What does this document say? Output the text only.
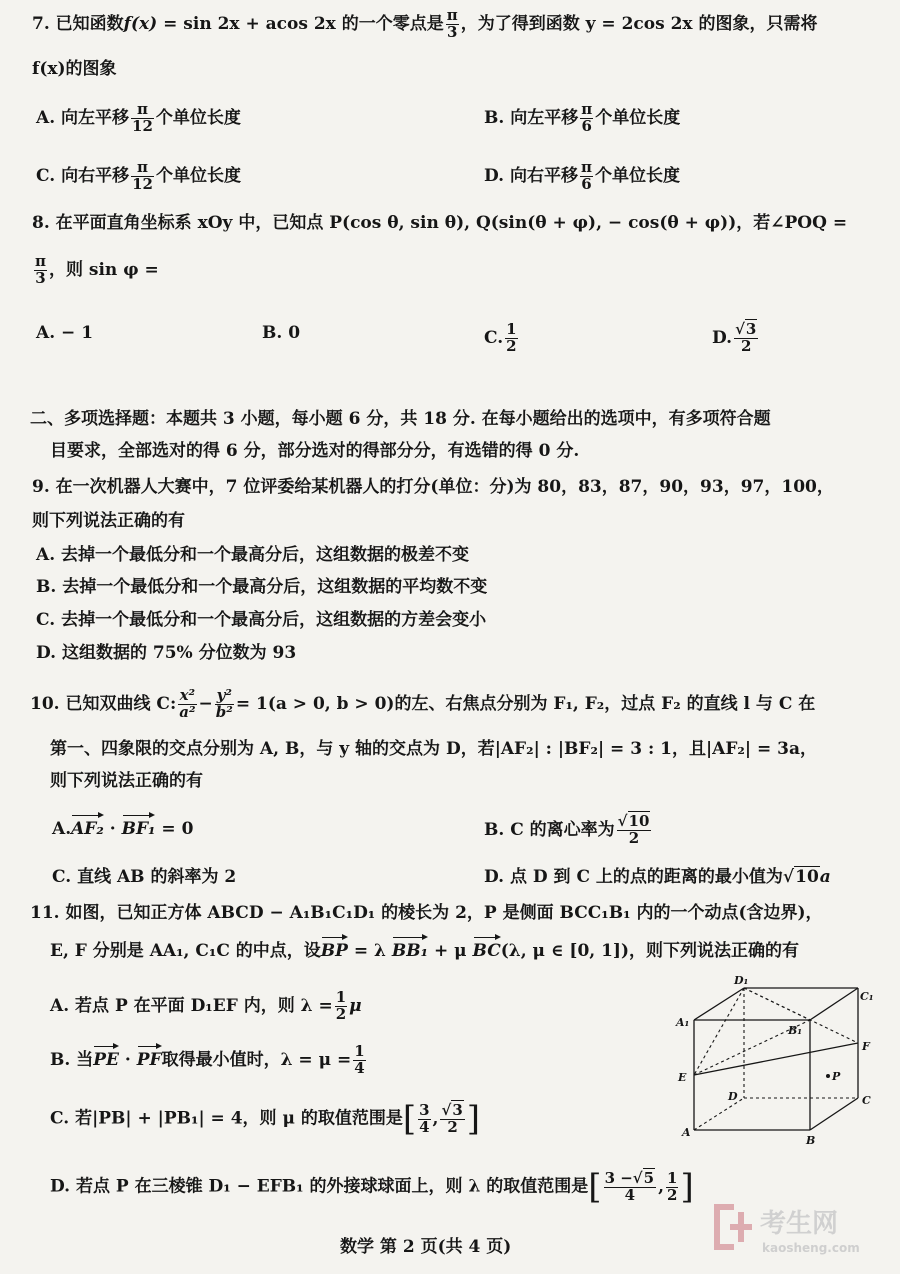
7. 已知函数f(x) = sin 2x + acos 2x 的一个零点是 $\frac{\pi}{3}$ ，为了得到函数 y = 2cos 2x 的图象，只需将
f(x)的图象
A. 向左平移 $\frac{\pi}{12}$ 个单位长度	B. 向左平移 $\frac{\pi}{6}$ 个单位长度
C. 向右平移 $\frac{\pi}{12}$ 个单位长度	D. 向右平移 $\frac{\pi}{6}$ 个单位长度
8. 在平面直角坐标系 xOy 中，已知点 P(cos θ, sin θ), Q(sin(θ + φ), − cos(θ + φ))，若∠POQ =
$\frac{\pi}{3}$ ，则 sin φ =
A. − 1	B. 0	C. $\frac{1}{2}$	D. $\frac{√3}{2}$
二、多项选择题：本题共 3 小题，每小题 6 分，共 18 分. 在每小题给出的选项中，有多项符合题
目要求，全部选对的得 6 分，部分选对的得部分分，有选错的得 0 分.
9. 在一次机器人大赛中，7 位评委给某机器人的打分(单位：分)为 80，83，87，90，93，97，100，
则下列说法正确的有
A. 去掉一个最低分和一个最高分后，这组数据的极差不变
B. 去掉一个最低分和一个最高分后，这组数据的平均数不变
C. 去掉一个最低分和一个最高分后，这组数据的方差会变小
D. 这组数据的 75% 分位数为 93
10. 已知双曲线 C: $\frac{\text{x²}}{\text{a²}} - \frac{\text{y²}}{\text{b²}} = 1(a > 0$, b > 0)的左、右焦点分别为 F₁, F₂，过点 F₂ 的直线 l 与 C 在
第一、四象限的交点分别为 A, B，与 y 轴的交点为 D，若|AF₂| : |BF₂| = 3 : 1，且|AF₂| = 3a，
则下列说法正确的有
A.AF₂ · BF₁ = 0	B. C 的离心率为 $\frac{√10}{2}$
C. 直线 AB 的斜率为 2	D. 点 D 到 C 上的点的距离的最小值为√10a
11. 如图，已知正方体 ABCD − A₁B₁C₁D₁ 的棱长为 2，P 是侧面 BCC₁B₁ 内的一个动点(含边界)，
E, F 分别是 AA₁, C₁C 的中点，设BP = λ BB₁ + μ BC(λ, μ ∈ [0, 1])，则下列说法正确的有
A. 若点 P 在平面 D₁EF 内，则 $\lambda = \frac{1}{2}$ μ
B. 当PE · PF取得最小值时，$\lambda = \mu = \frac{1}{4}$
C. 若|PB| + |PB₁| = 4，则 μ 的取值范围是[ $\frac{3}{4}$ , $\frac{√3}{2}$ ]
D. 若点 P 在三棱锥 D₁ − EFB₁ 的外接球球面上，则 λ 的取值范围是[ $\frac{3 -√5}{4}$ , $\frac{1}{2}$ ]
D₁
C₁
A₁
B₁
F
E	P
D	C
A
B
数学 第 2 页(共 4 页)
考生网
kaosheng.com
